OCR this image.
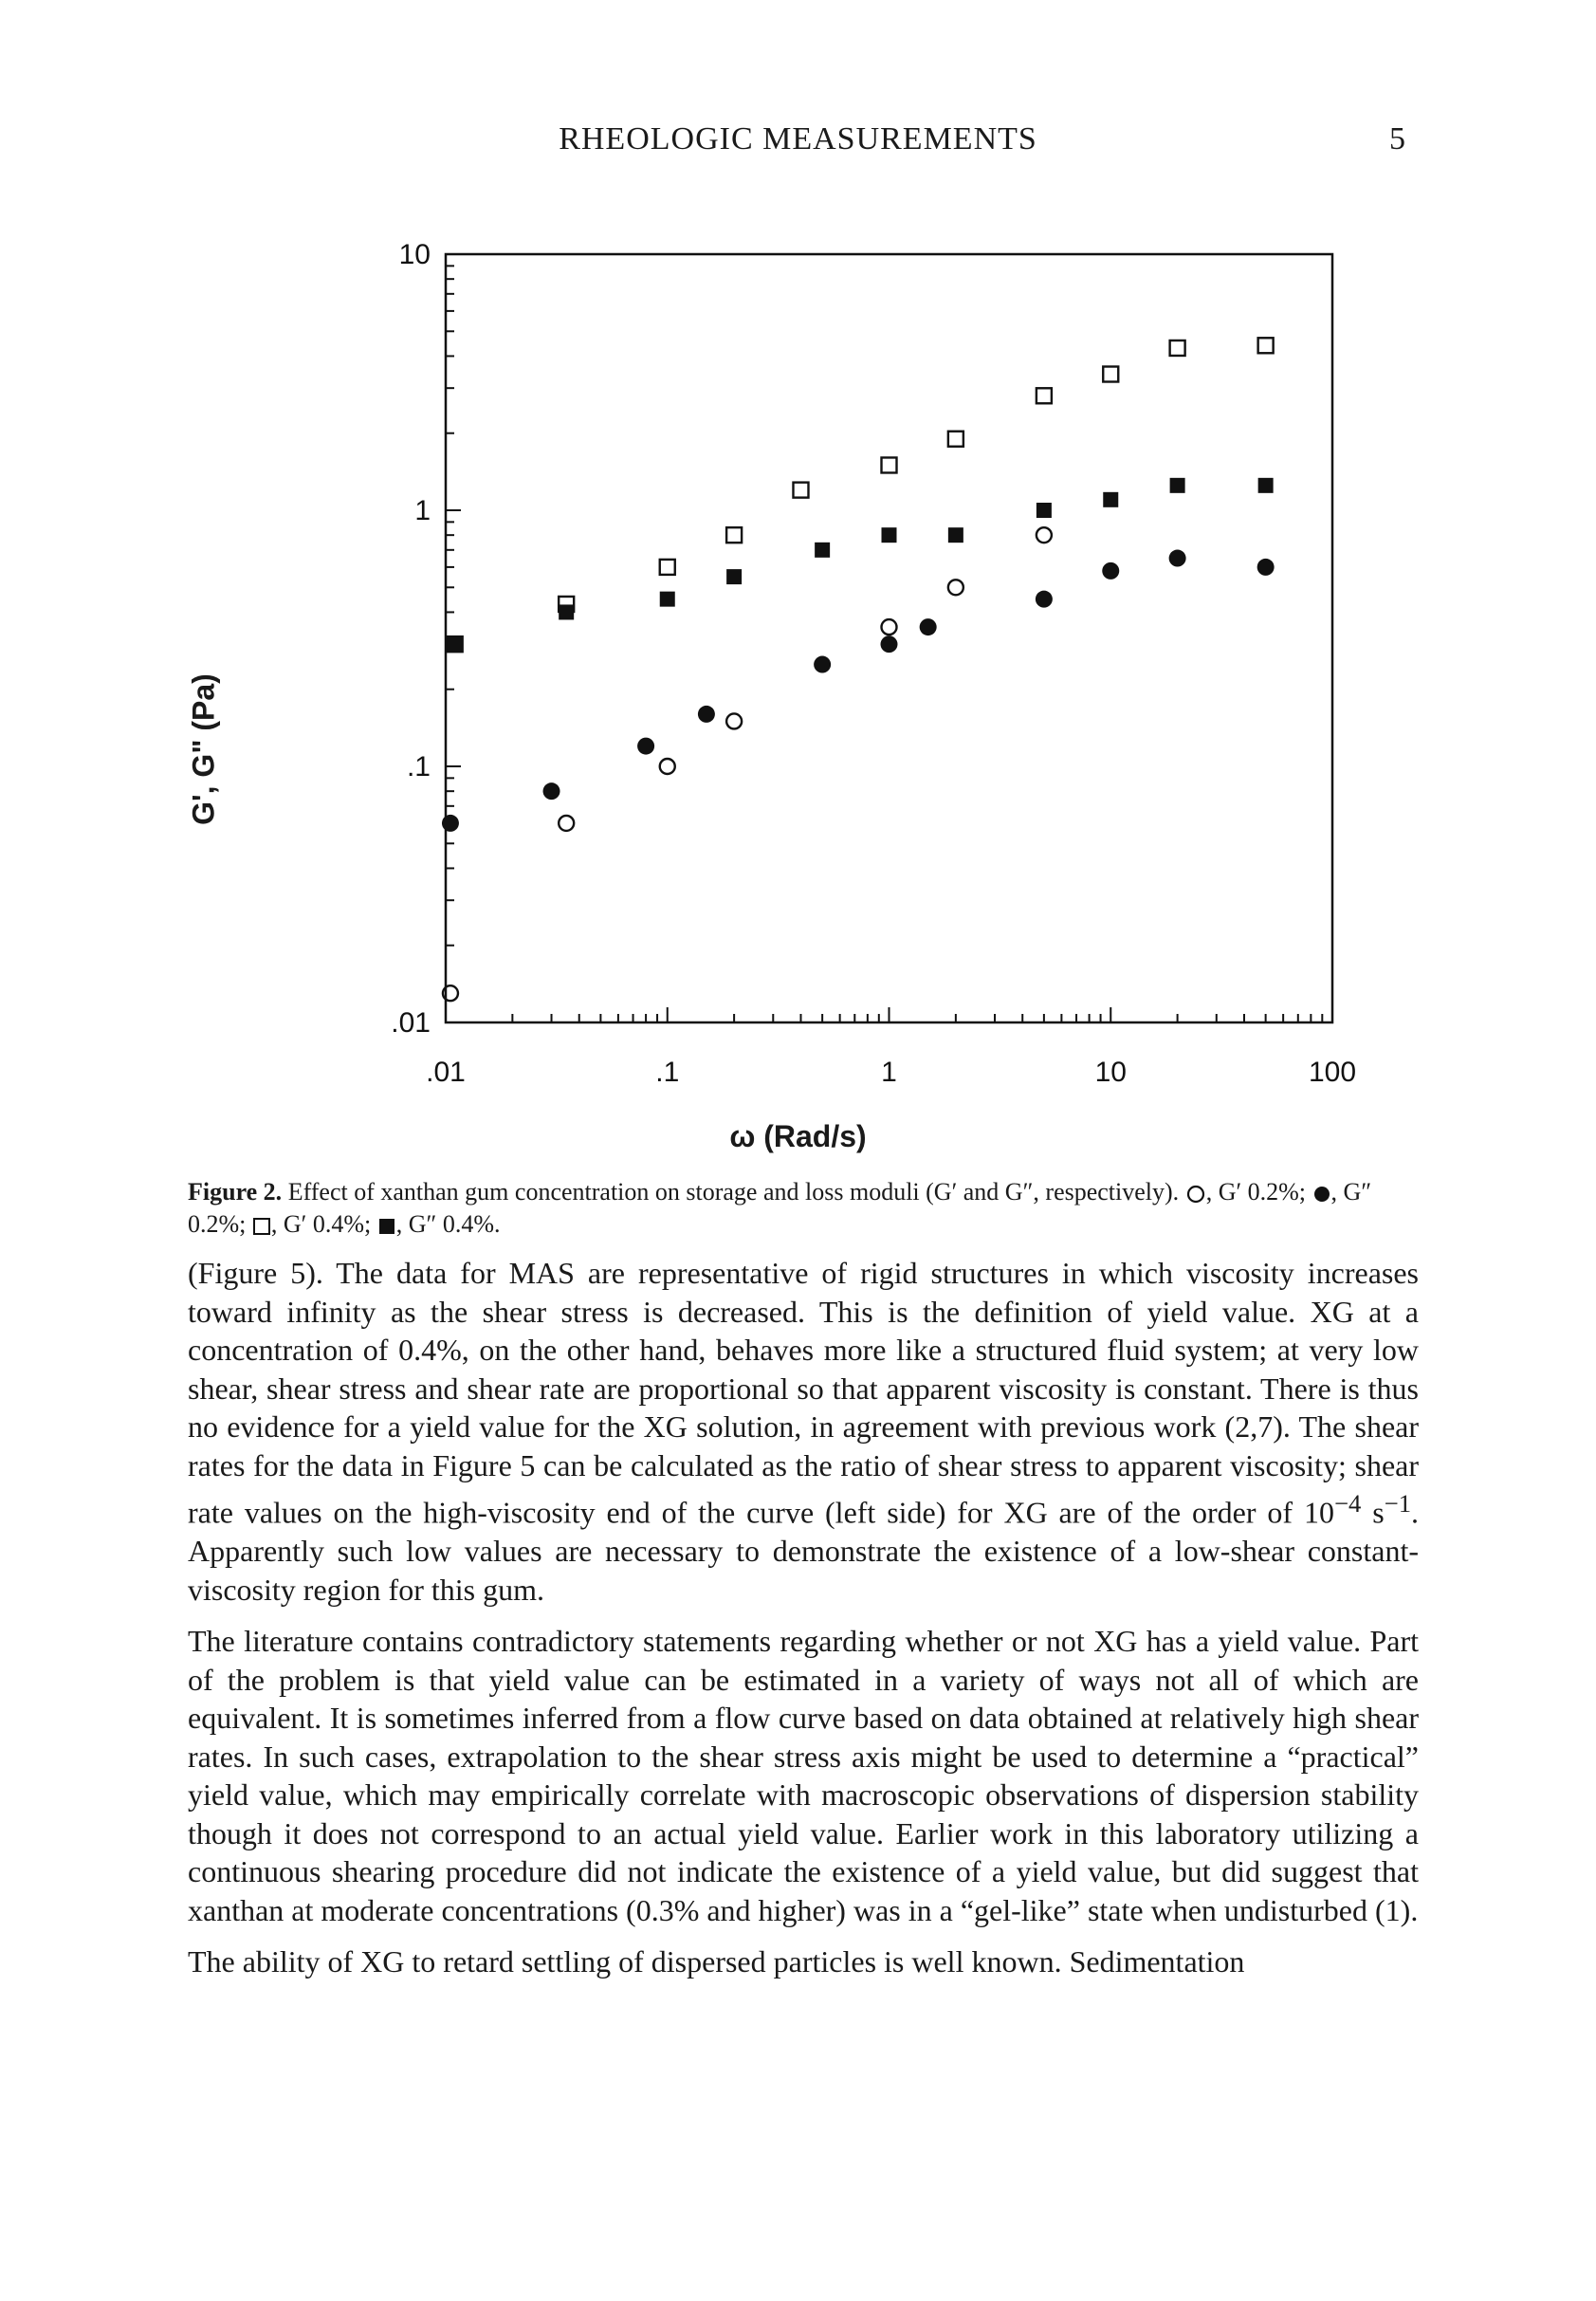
RHEOLOGIC MEASUREMENTS	5
.01	.1	1	10	100
.01
.1
1
10
G', G" (Pa)
ω (Rad/s)
Figure 2. Effect of xanthan gum concentration on storage and loss moduli (G′ and G″, respectively). , G′ 0.2%; , G″ 0.2%; , G′ 0.4%; , G″ 0.4%.

(Figure 5). The data for MAS are representative of rigid structures in which viscosity increases toward infinity as the shear stress is decreased. This is the definition of yield value. XG at a concentration of 0.4%, on the other hand, behaves more like a structured fluid system; at very low shear, shear stress and shear rate are proportional so that apparent viscosity is constant. There is thus no evidence for a yield value for the XG solution, in agreement with previous work (2,7). The shear rates for the data in Figure 5 can be calculated as the ratio of shear stress to apparent viscosity; shear rate values on the high-viscosity end of the curve (left side) for XG are of the order of $10^{-4}$ $s^{-1}$. Apparently such low values are necessary to demonstrate the existence of a low-shear constant-viscosity region for this gum.

The literature contains contradictory statements regarding whether or not XG has a yield value. Part of the problem is that yield value can be estimated in a variety of ways not all of which are equivalent. It is sometimes inferred from a flow curve based on data obtained at relatively high shear rates. In such cases, extrapolation to the shear stress axis might be used to determine a “practical” yield value, which may empirically correlate with macroscopic observations of dispersion stability though it does not correspond to an actual yield value. Earlier work in this laboratory utilizing a continuous shearing procedure did not indicate the existence of a yield value, but did suggest that xanthan at moderate concentrations (0.3% and higher) was in a “gel-like” state when undisturbed (1).

The ability of XG to retard settling of dispersed particles is well known. Sedimentation
